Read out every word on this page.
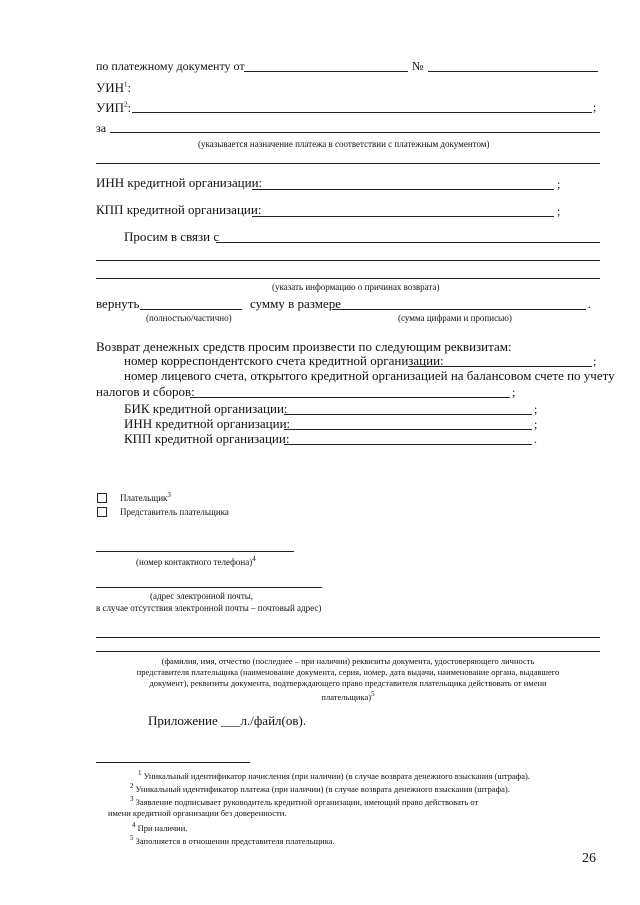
по платежному документу от	№
УИН$^1$:
УИП$^2$:	;
за
(указывается назначение платежа в соответствии с платежным документом)
ИНН кредитной организации:	;
КПП кредитной организации:	;
Просим в связи с
(указать информацию о причинах возврата)
вернуть	сумму в размере	.
(полностью/частично)	(сумма цифрами и прописью)
Возврат денежных средств просим произвести по следующим реквизитам:
номер корреспондентского счета кредитной организации:	;
номер лицевого счета, открытого кредитной организацией на балансовом счете по учету
налогов и сборов:	;
БИК кредитной организации:	;
ИНН кредитной организации:	;
КПП кредитной организации:	.
Плательщик$^3$
Представитель плательщика
(номер контактного телефона)$^4$
(адрес электронной почты,
в случае отсутствия электронной почты – почтовый адрес)
(фамилия, имя, отчество (последнее – при наличии) реквизиты документа, удостоверяющего личность
представителя плательщика (наименование документа, серия, номер, дата выдачи, наименование органа, выдавшего
документ), реквизиты документа, подтверждающего право представителя плательщика действовать от имени
плательщика)$^5$
Приложение ___л./файл(ов).
$^1$ Уникальный идентификатор начисления (при наличии) (в случае возврата денежного взыскания (штрафа).
$^2$ Уникальный идентификатор платежа (при наличии) (в случае возврата денежного взыскания (штрафа).
$^3$ Заявление подписывает руководитель кредитной организации, имеющий право действовать от
имени кредитной организации без доверенности.
$^4$ При наличии.
$^5$ Заполняется в отношении представителя плательщика.
26
